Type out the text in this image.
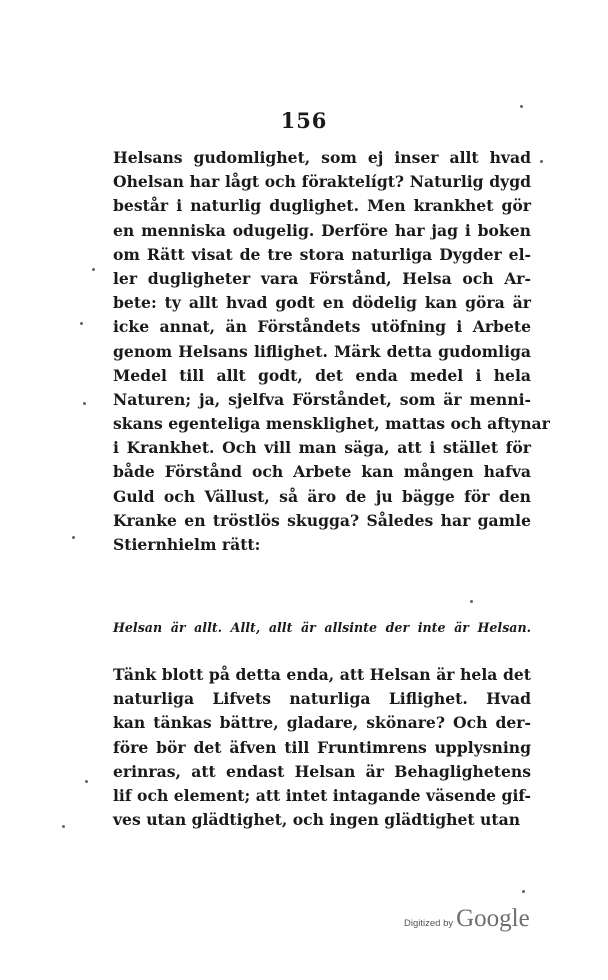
156
Helsans gudomlighet, som ej inser allt hvad
Ohelsan har lågt och föraktelígt? Naturlig dygd
består i naturlig duglighet. Men krankhet gör
en menniska odugelig. Derföre har jag i boken
om Rätt visat de tre stora naturliga Dygder el-
ler dugligheter vara Förstånd, Helsa och Ar-
bete: ty allt hvad godt en dödelig kan göra är
icke annat, än Förståndets utöfning i Arbete
genom Helsans liflighet. Märk detta gudomliga
Medel till allt godt, det enda medel i hela
Naturen; ja, sjelfva Förståndet, som är menni-
skans egenteliga mensklighet, mattas och aftynar
i Krankhet. Och vill man säga, att i stället för
både Förstånd och Arbete kan mången hafva
Guld och Vällust, så äro de ju bägge för den
Kranke en tröstlös skugga? Således har gamle
Stiernhielm rätt:
Helsan är allt. Allt, allt är allsinte der inte är Helsan.
Tänk blott på detta enda, att Helsan är hela det
naturliga Lifvets naturliga Liflighet. Hvad
kan tänkas bättre, gladare, skönare? Och der-
före bör det äfven till Fruntimrens upplysning
erinras, att endast Helsan är Behaglighetens
lif och element; att intet intagande väsende gif-
ves utan glädtighet, och ingen glädtighet utan
Digitized by Google
